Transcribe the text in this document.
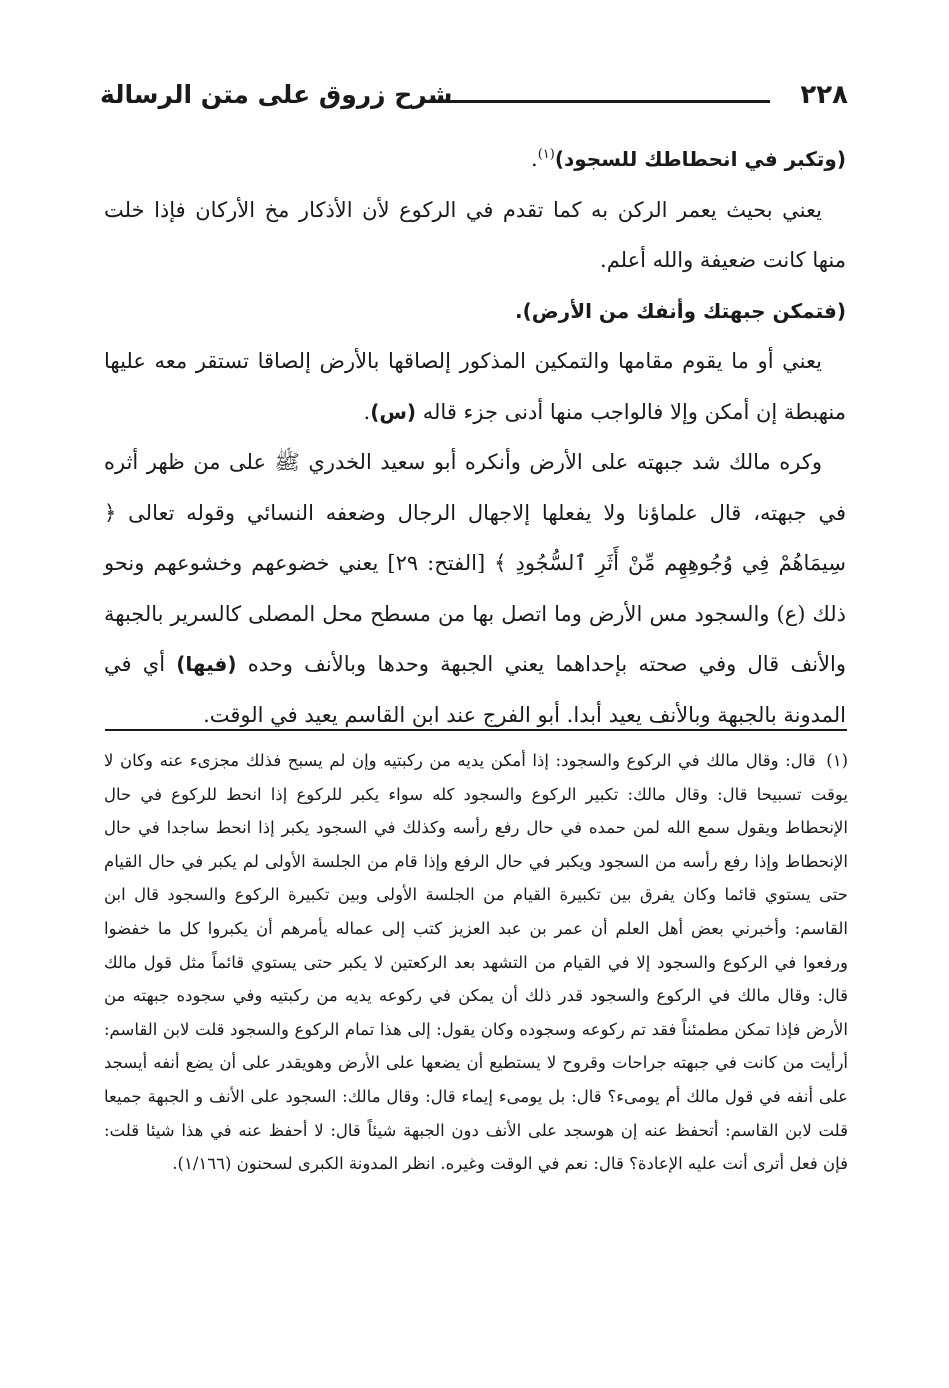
٢٢٨
شرح زروق على متن الرسالة

(وتكبر في انحطاطك للسجود)$^{(١)}$.

يعني بحيث يعمر الركن به كما تقدم في الركوع لأن الأذكار مخ الأركان فإذا خلت منها كانت ضعيفة والله أعلم.

(فتمكن جبهتك وأنفك من الأرض).

يعني أو ما يقوم مقامها والتمكين المذكور إلصاقها بالأرض إلصاقا تستقر معه عليها منهبطة إن أمكن وإلا فالواجب منها أدنى جزء قاله (س).

وكره مالك شد جبهته على الأرض وأنكره أبو سعيد الخدري ﷺ على من ظهر أثره في جبهته، قال علماؤنا ولا يفعلها إلاجهال الرجال وضعفه النسائي وقوله تعالى ﴿ سِيمَاهُمْ فِي وُجُوهِهِم مِّنْ أَثَرِ ٱلسُّجُودِ ﴾ [الفتح: ٢٩] يعني خضوعهم وخشوعهم ونحو ذلك (ع) والسجود مس الأرض وما اتصل بها من مسطح محل المصلى كالسرير بالجبهة والأنف قال وفي صحته بإحداهما يعني الجبهة وحدها وبالأنف وحده (فيها) أي في المدونة بالجبهة وبالأنف يعيد أبدا. أبو الفرج عند ابن القاسم يعيد في الوقت.

(١) قال: وقال مالك في الركوع والسجود: إذا أمكن يديه من ركبتيه وإن لم يسبح فذلك مجزىء عنه وكان لا يوقت تسبيحا قال: وقال مالك: تكبير الركوع والسجود كله سواء يكبر للركوع إذا انحط للركوع في حال الإنحطاط ويقول سمع الله لمن حمده في حال رفع رأسه وكذلك في السجود يكبر إذا انحط ساجدا في حال الإنحطاط وإذا رفع رأسه من السجود ويكبر في حال الرفع وإذا قام من الجلسة الأولى لم يكبر في حال القيام حتى يستوي قائما وكان يفرق بين تكبيرة القيام من الجلسة الأولى وبين تكبيرة الركوع والسجود قال ابن القاسم: وأخبرني بعض أهل العلم أن عمر بن عبد العزيز كتب إلى عماله يأمرهم أن يكبروا كل ما خفضوا ورفعوا في الركوع والسجود إلا في القيام من التشهد بعد الركعتين لا يكبر حتى يستوي قائماً مثل قول مالك قال: وقال مالك في الركوع والسجود قدر ذلك أن يمكن في ركوعه يديه من ركبتيه وفي سجوده جبهته من الأرض فإذا تمكن مطمئناً فقد تم ركوعه وسجوده وكان يقول: إلى هذا تمام الركوع والسجود قلت لابن القاسم: أرأيت من كانت في جبهته جراحات وقروح لا يستطيع أن يضعها على الأرض وهويقدر على أن يضع أنفه أيسجد على أنفه في قول مالك أم يومىء؟ قال: بل يومىء إيماء قال: وقال مالك: السجود على الأنف و الجبهة جميعا قلت لابن القاسم: أتحفظ عنه إن هوسجد على الأنف دون الجبهة شيئاً قال: لا أحفظ عنه في هذا شيئا قلت: فإن فعل أترى أنت عليه الإعادة؟ قال: نعم في الوقت وغيره. انظر المدونة الكبرى لسحنون (١/١٦٦).
